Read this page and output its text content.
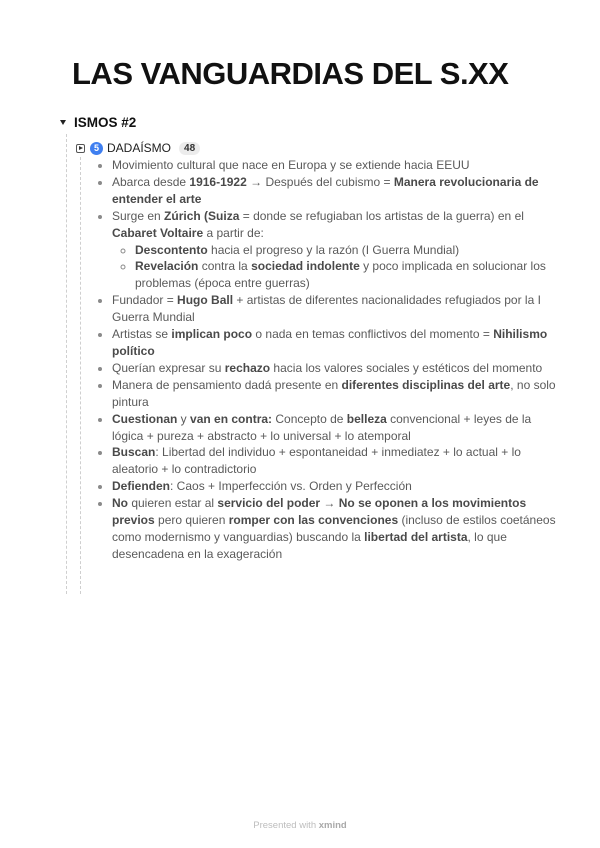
LAS VANGUARDIAS DEL S.XX
ISMOS #2
5 DADAÍSMO	48
• Movimiento cultural que nace en Europa y se extiende hacia EEUU
• Abarca desde 1916-1922 → Después del cubismo = Manera revolucionaria de entender el arte
• Surge en Zúrich (Suiza = donde se refugiaban los artistas de la guerra) en el Cabaret Voltaire a partir de:
◦ Descontento hacia el progreso y la razón (I Guerra Mundial)
◦ Revelación contra la sociedad indolente y poco implicada en solucionar los problemas (época entre guerras)
• Fundador = Hugo Ball + artistas de diferentes nacionalidades refugiados por la I Guerra Mundial
• Artistas se implican poco o nada en temas conflictivos del momento = Nihilismo político
• Querían expresar su rechazo hacia los valores sociales y estéticos del momento
• Manera de pensamiento dadá presente en diferentes disciplinas del arte, no solo pintura
• Cuestionan y van en contra: Concepto de belleza convencional + leyes de la lógica + pureza + abstracto + lo universal + lo atemporal
• Buscan: Libertad del individuo + espontaneidad + inmediatez + lo actual + lo aleatorio + lo contradictorio
• Defienden: Caos + Imperfección vs. Orden y Perfección
• No quieren estar al servicio del poder → No se oponen a los movimientos previos pero quieren romper con las convenciones (incluso de estilos coetáneos como modernismo y vanguardias) buscando la libertad del artista, lo que desencadena en la exageración
Presented with xmind
